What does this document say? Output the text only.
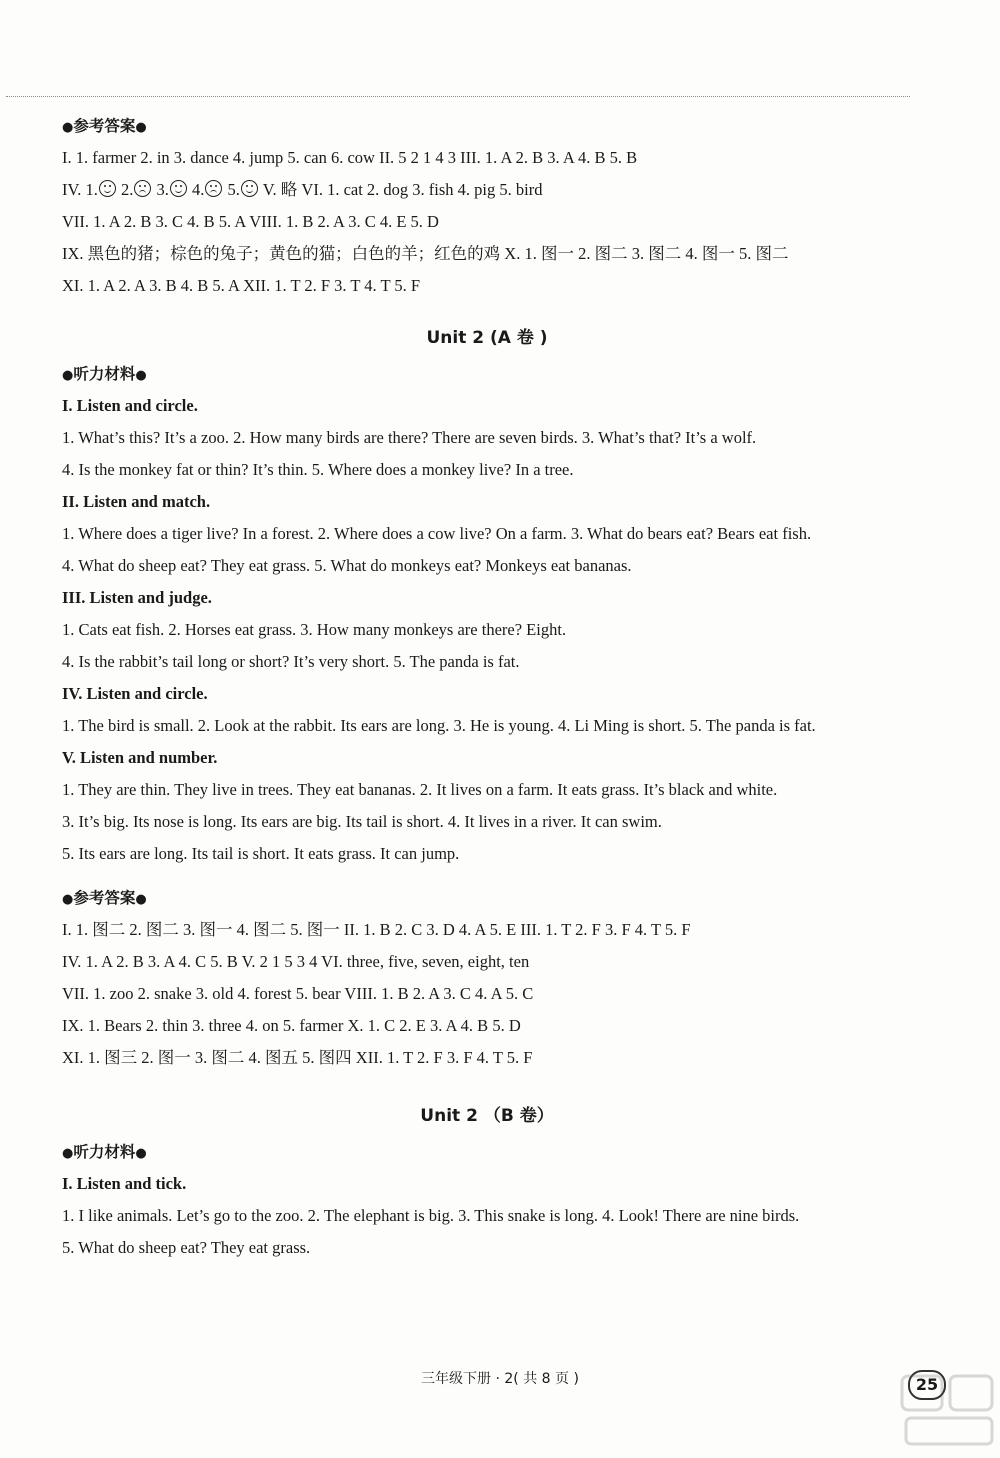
●参考答案●
I. 1. farmer 2. in 3. dance 4. jump 5. can 6. cow II. 5 2 1 4 3 III. 1. A 2. B 3. A 4. B 5. B
IV. 1. 2. 3. 4. 5. V. 略 VI. 1. cat 2. dog 3. fish 4. pig 5. bird
VII. 1. A 2. B 3. C 4. B 5. A VIII. 1. B 2. A 3. C 4. E 5. D
IX. 黑色的猪；棕色的兔子；黄色的猫；白色的羊；红色的鸡 X. 1. 图一 2. 图二 3. 图二 4. 图一 5. 图二
XI. 1. A 2. A 3. B 4. B 5. A XII. 1. T 2. F 3. T 4. T 5. F
Unit 2 (A 卷 )
●听力材料●
I. Listen and circle.
1. What’s this? It’s a zoo. 2. How many birds are there? There are seven birds. 3. What’s that? It’s a wolf.
4. Is the monkey fat or thin? It’s thin. 5. Where does a monkey live? In a tree.
II. Listen and match.
1. Where does a tiger live? In a forest. 2. Where does a cow live? On a farm. 3. What do bears eat? Bears eat fish.
4. What do sheep eat? They eat grass. 5. What do monkeys eat? Monkeys eat bananas.
III. Listen and judge.
1. Cats eat fish. 2. Horses eat grass. 3. How many monkeys are there? Eight.
4. Is the rabbit’s tail long or short? It’s very short. 5. The panda is fat.
IV. Listen and circle.
1. The bird is small. 2. Look at the rabbit. Its ears are long. 3. He is young. 4. Li Ming is short. 5. The panda is fat.
V. Listen and number.
1. They are thin. They live in trees. They eat bananas. 2. It lives on a farm. It eats grass. It’s black and white.
3. It’s big. Its nose is long. Its ears are big. Its tail is short. 4. It lives in a river. It can swim.
5. Its ears are long. Its tail is short. It eats grass. It can jump.
●参考答案●
I. 1. 图二 2. 图二 3. 图一 4. 图二 5. 图一 II. 1. B 2. C 3. D 4. A 5. E III. 1. T 2. F 3. F 4. T 5. F
IV. 1. A 2. B 3. A 4. C 5. B V. 2 1 5 3 4 VI. three, five, seven, eight, ten
VII. 1. zoo 2. snake 3. old 4. forest 5. bear VIII. 1. B 2. A 3. C 4. A 5. C
IX. 1. Bears 2. thin 3. three 4. on 5. farmer X. 1. C 2. E 3. A 4. B 5. D
XI. 1. 图三 2. 图一 3. 图二 4. 图五 5. 图四 XII. 1. T 2. F 3. F 4. T 5. F
Unit 2 （B 卷）
●听力材料●
I. Listen and tick.
1. I like animals. Let’s go to the zoo. 2. The elephant is big. 3. This snake is long. 4. Look! There are nine birds.
5. What do sheep eat? They eat grass.
三年级下册 · 2( 共 8 页 )	25
